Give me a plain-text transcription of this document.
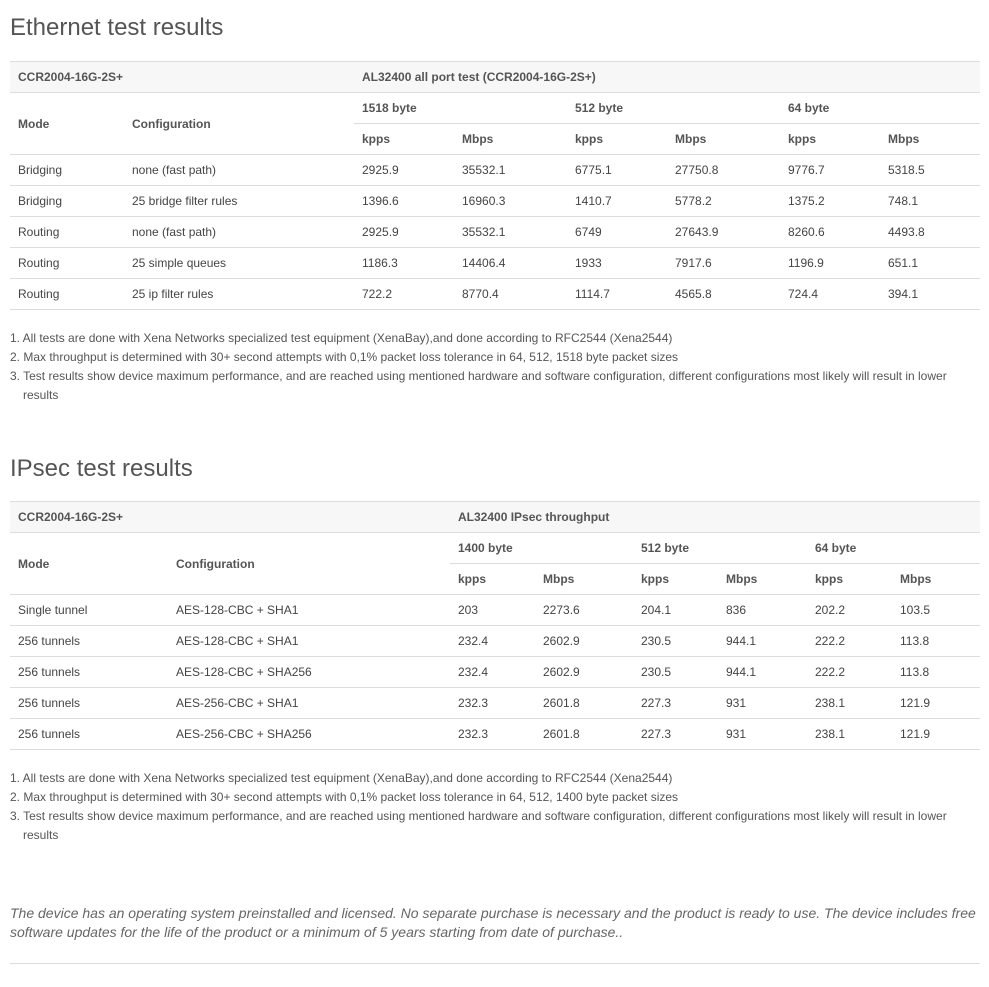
Ethernet test results
CCR2004-16G-2S+		AL32400 all port test (CCR2004-16G-2S+)					
Mode	Configuration	1518 byte		512 byte		64 byte	
		kpps	Mbps	kpps	Mbps	kpps	Mbps
Bridging	none (fast path)	2925.9	35532.1	6775.1	27750.8	9776.7	5318.5
Bridging	25 bridge filter rules	1396.6	16960.3	1410.7	5778.2	1375.2	748.1
Routing	none (fast path)	2925.9	35532.1	6749	27643.9	8260.6	4493.8
Routing	25 simple queues	1186.3	14406.4	1933	7917.6	1196.9	651.1
Routing	25 ip filter rules	722.2	8770.4	1114.7	4565.8	724.4	394.1
1. All tests are done with Xena Networks specialized test equipment (XenaBay),and done according to RFC2544 (Xena2544)
2. Max throughput is determined with 30+ second attempts with 0,1% packet loss tolerance in 64, 512, 1518 byte packet sizes
3. Test results show device maximum performance, and are reached using mentioned hardware and software configuration, different configurations most likely will result in lower results
IPsec test results
CCR2004-16G-2S+		AL32400 IPsec throughput					
Mode	Configuration	1400 byte		512 byte		64 byte	
		kpps	Mbps	kpps	Mbps	kpps	Mbps
Single tunnel	AES-128-CBC + SHA1	203	2273.6	204.1	836	202.2	103.5
256 tunnels	AES-128-CBC + SHA1	232.4	2602.9	230.5	944.1	222.2	113.8
256 tunnels	AES-128-CBC + SHA256	232.4	2602.9	230.5	944.1	222.2	113.8
256 tunnels	AES-256-CBC + SHA1	232.3	2601.8	227.3	931	238.1	121.9
256 tunnels	AES-256-CBC + SHA256	232.3	2601.8	227.3	931	238.1	121.9
1. All tests are done with Xena Networks specialized test equipment (XenaBay),and done according to RFC2544 (Xena2544)
2. Max throughput is determined with 30+ second attempts with 0,1% packet loss tolerance in 64, 512, 1400 byte packet sizes
3. Test results show device maximum performance, and are reached using mentioned hardware and software configuration, different configurations most likely will result in lower results

The device has an operating system preinstalled and licensed. No separate purchase is necessary and the product is ready to use. The device includes free software updates for the life of the product or a minimum of 5 years starting from date of purchase..
